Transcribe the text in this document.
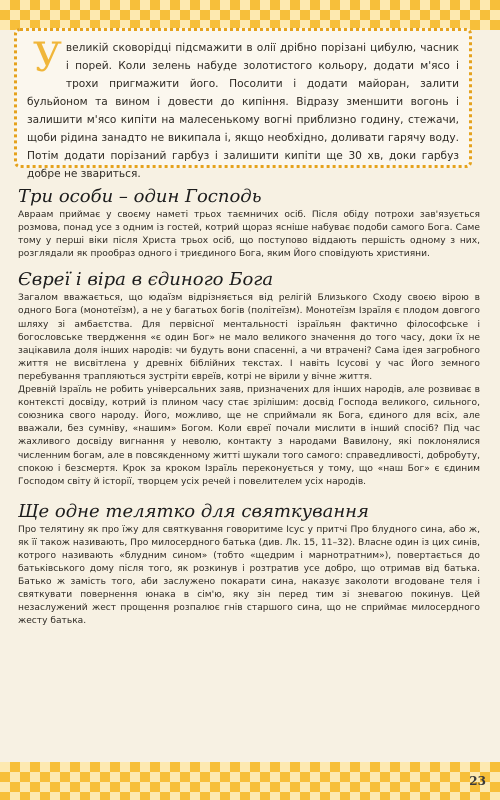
Увеликій сковорідці підсмажити в олії дрібно порізані цибулю, часник і порей. Коли зелень набуде золотистого кольору, додати м'ясо і трохи пригмажити його. Посолити і додати майоран, залити бульйоном та вином і довести до кипіння. Відразу зменшити вогонь і залишити м'ясо кипіти на малесенькому вогні приблизно годину, стежачи, щоби рідина занадто не википала і, якщо необхідно, доливати гарячу воду. Потім додати порізаний гарбуз і залишити кипіти ще 30 хв, доки гарбуз добре не звариться.

Три особи – один Господь

Авраам приймає у своєму наметі трьох таємничих осіб. Після обіду потрохи зав'язується розмова, понад усе з одним із гостей, котрий щораз ясніше набуває подоби самого Бога. Саме тому у перші віки після Христа трьох осіб, що поступово віддають першість одному з них, розглядали як прообраз одного і триєдиного Бога, яким Його сповідують християни.

Євреї і віра в єдиного Бога

Загалом вважається, що юдаїзм відрізняється від релігій Близького Сходу своєю вірою в одного Бога (монотеїзм), а не у багатьох богів (політеїзм). Монотеїзм Ізраїля є плодом довгого шляху зі амбаєтства. Для первісної ментальності ізраїльян фактично філософське і богословське твердження «є один Бог» не мало великого значення до того часу, доки їх не зацікавила доля інших народів: чи будуть вони спасенні, а чи втрачені? Сама ідея загробного життя не висвітлена у древніх біблійних текстах. І навіть Ісусові у час Його земного перебування трапляються зустріти євреїв, котрі не вірили у вічне життя.

Древній Ізраїль не робить універсальних заяв, призначених для інших народів, але розвиває в контексті досвіду, котрий із плином часу стає зрілішим: досвід Господа великого, сильного, союзника свого народу. Його, можливо, ще не сприймали як Бога, єдиного для всіх, але вважали, без сумніву, «нашим» Богом. Коли євреї почали мислити в інший спосіб? Під час жахливого досвіду вигнання у неволю, контакту з народами Вавилону, які поклонялися численним богам, але в повсякденному житті шукали того самого: справедливості, добробуту, спокою і безсмертя. Крок за кроком Ізраїль переконується у тому, що «наш Бог» є єдиним Господом світу й історії, творцем усіх речей і повелителем усіх народів.

Ще одне телятко для святкування

Про телятину як про їжу для святкування говоритиме Ісус у притчі Про блудного сина, або ж, як її також називають, Про милосердного батька (див. Лк. 15, 11–32). Власне один із цих синів, котрого називають «блудним сином» (тобто «щедрим і марнотратним»), повертається до батьківського дому після того, як розкинув і розтратив усе добро, що отримав від батька. Батько ж замість того, аби заслужено покарати сина, наказує заколоти вгодоване теля і святкувати повернення юнака в сім'ю, яку зін перед тим зі зневагою покинув. Цей незаслужений жест прощення розпалює гнів старшого сина, що не сприймає милосердного жесту батька.

23
